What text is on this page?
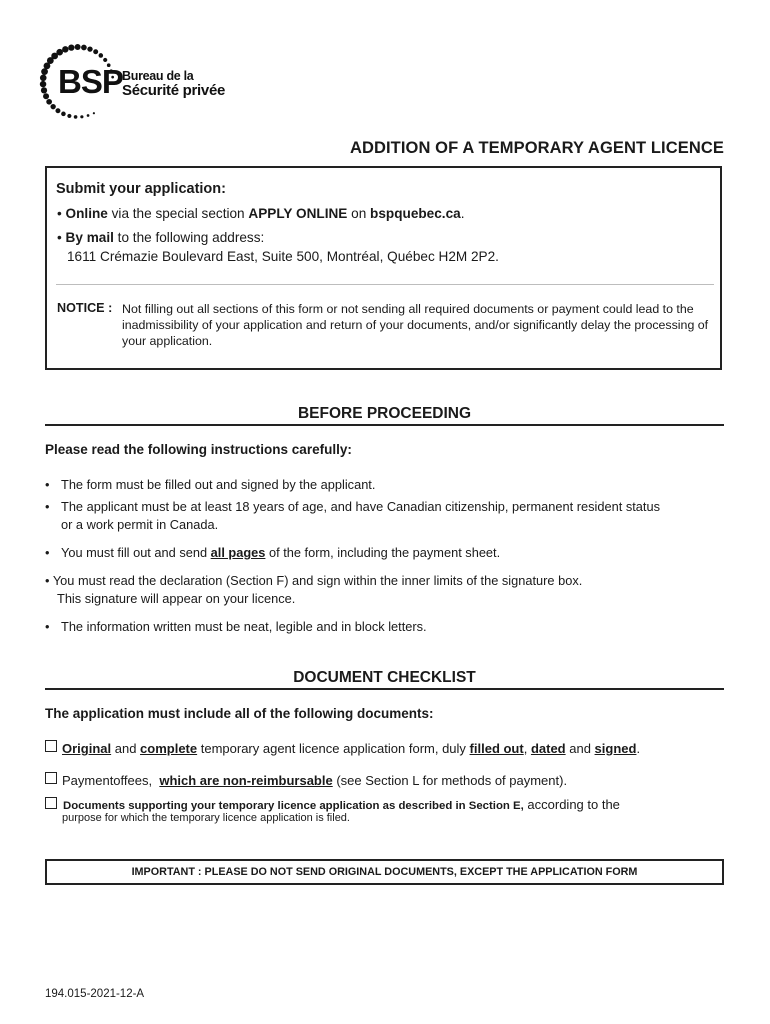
BSP Bureau de la
Sécurité privée
ADDITION OF A TEMPORARY AGENT LICENCE
Submit your application:
• Online via the special section APPLY ONLINE on bspquebec.ca.
• By mail to the following address:
1611 Crémazie Boulevard East, Suite 500, Montréal, Québec H2M 2P2.
NOTICE : Not filling out all sections of this form or not sending all required documents or payment could lead to the inadmissibility of your application and return of your documents, and/or significantly delay the processing of your application.
BEFORE PROCEEDING
Please read the following instructions carefully:
• The form must be filled out and signed by the applicant.
• The applicant must be at least 18 years of age, and have Canadian citizenship, permanent resident status
or a work permit in Canada.
• You must fill out and send all pages of the form, including the payment sheet.
• You must read the declaration (Section F) and sign within the inner limits of the signature box.
This signature will appear on your licence.
• The information written must be neat, legible and in block letters.
DOCUMENT CHECKLIST
The application must include all of the following documents:
Original and complete temporary agent licence application form, duly filled out, dated and signed.
Paymentoffees,  which are non-reimbursable (see Section L for methods of payment).
Documents supporting your temporary licence application as described in Section E, according to the
purpose for which the temporary licence application is filed.
IMPORTANT : PLEASE DO NOT SEND ORIGINAL DOCUMENTS, EXCEPT THE APPLICATION FORM
194.015-2021-12-A
